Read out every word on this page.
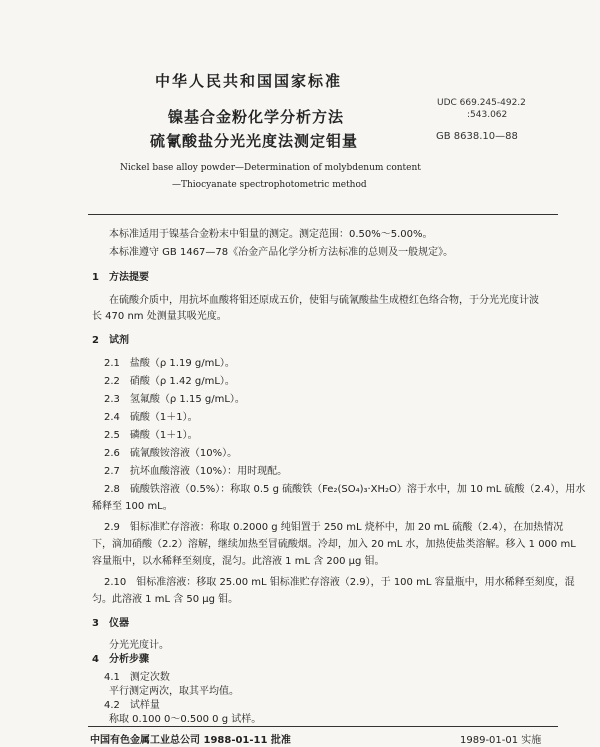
中华人民共和国国家标准
UDC 669.245-492.2
:543.062
镍基合金粉化学分析方法
GB 8638.10—88
硫氰酸盐分光光度法测定钼量
Nickel base alloy powder—Determination of molybdenum content
—Thiocyanate spectrophotometric method
本标准适用于镍基合金粉末中钼量的测定。测定范围：0.50%～5.00%。
本标准遵守 GB 1467—78《冶金产品化学分析方法标准的总则及一般规定》。
1　方法提要
在硫酸介质中，用抗坏血酸将钼还原成五价，使钼与硫氰酸盐生成橙红色络合物，于分光光度计波
长 470 nm 处测量其吸光度。
2　试剂
2.1　 盐酸（ρ 1.19 g/mL）。
2.2　 硝酸（ρ 1.42 g/mL）。
2.3　 氢氟酸（ρ 1.15 g/mL）。
2.4　 硫酸（1＋1）。
2.5　 磷酸（1＋1）。
2.6　 硫氰酸铵溶液（10%）。
2.7　 抗坏血酸溶液（10%）：用时现配。
2.8　硫酸铁溶液（0.5%）：称取 0.5 g 硫酸铁（Fe₂(SO₄)₃·XH₂O）溶于水中，加 10 mL 硫酸（2.4），用水
稀释至 100 mL。
2.9　钼标准贮存溶液：称取 0.2000 g 纯钼置于 250 mL 烧杯中，加 20 mL 硫酸（2.4），在加热情况
下，滴加硝酸（2.2）溶解，继续加热至冒硫酸烟。冷却，加入 20 mL 水，加热使盐类溶解。移入 1 000 mL
容量瓶中，以水稀释至刻度，混匀。此溶液 1 mL 含 200 μg 钼。
2.10　钼标准溶液：移取 25.00 mL 钼标准贮存溶液（2.9），于 100 mL 容量瓶中，用水稀释至刻度，混
匀。此溶液 1 mL 含 50 μg 钼。
3　仪器
分光光度计。
4　分析步骤
4.1　测定次数
平行测定两次，取其平均值。
4.2　试样量
称取 0.100 0～0.500 0 g 试样。
中国有色金属工业总公司 1988-01-11 批准	1989-01-01 实施
